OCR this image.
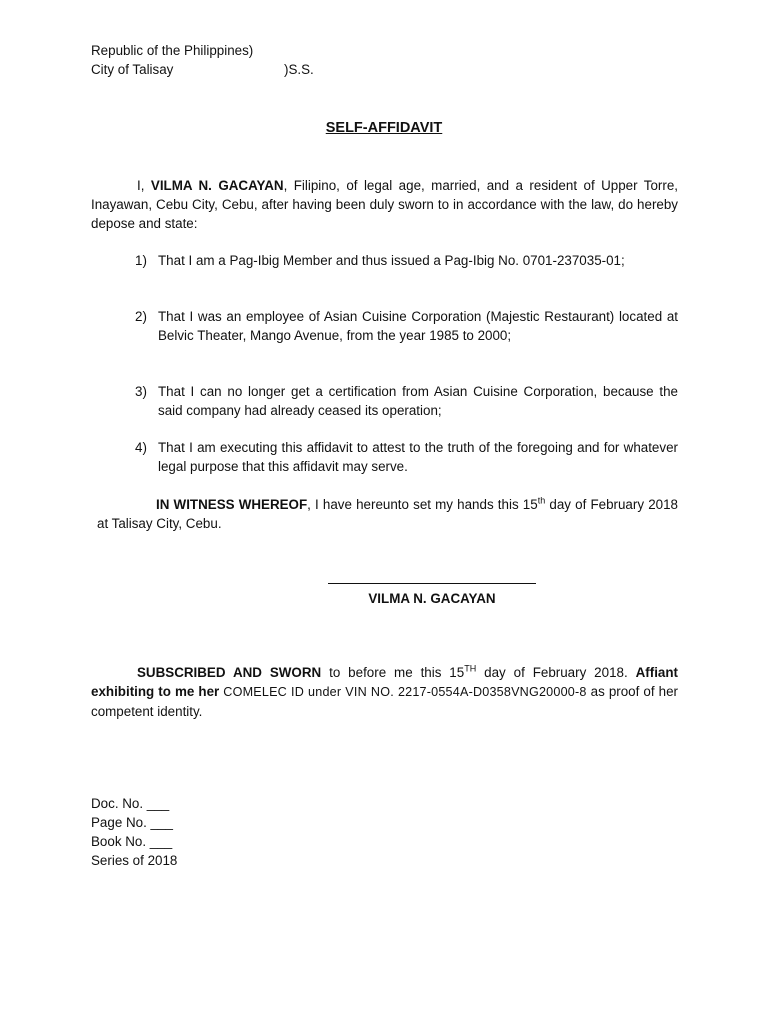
Republic of the Philippines)
City of Talisay	)S.S.
SELF-AFFIDAVIT
I, VILMA N. GACAYAN, Filipino, of legal age, married, and a resident of Upper Torre, Inayawan, Cebu City, Cebu, after having been duly sworn to in accordance with the law, do hereby depose and state:
1) That I am a Pag-Ibig Member and thus issued a Pag-Ibig No. 0701-237035-01;
2) That I was an employee of Asian Cuisine Corporation (Majestic Restaurant) located at Belvic Theater, Mango Avenue, from the year 1985 to 2000;
3) That I can no longer get a certification from Asian Cuisine Corporation, because the said company had already ceased its operation;
4) That I am executing this affidavit to attest to the truth of the foregoing and for whatever legal purpose that this affidavit may serve.
IN WITNESS WHEREOF, I have hereunto set my hands this 15th day of February 2018 at Talisay City, Cebu.
VILMA N. GACAYAN
SUBSCRIBED AND SWORN to before me this 15TH day of February 2018. Affiant exhibiting to me her COMELEC ID under VIN NO. 2217-0554A-D0358VNG20000-8 as proof of her competent identity.
Doc. No. ___
Page No. ___
Book No. ___
Series of 2018
